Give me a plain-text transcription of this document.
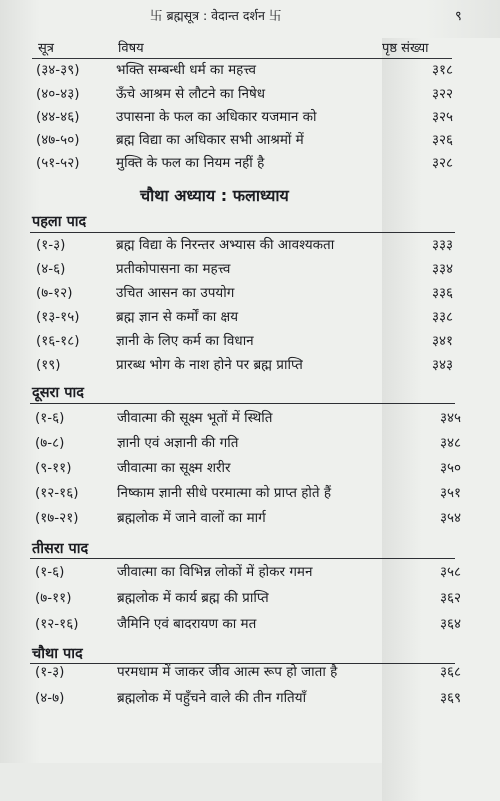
卐 ब्रह्मसूत्र : वेदान्त दर्शन 卐	९
सूत्र	विषय	पृष्ठ संख्या
(३४-३९)	भक्ति सम्बन्धी धर्म का महत्त्व	३१८
(४०-४३)	ऊँचे आश्रम से लौटने का निषेध	३२२
(४४-४६)	उपासना के फल का अधिकार यजमान को	३२५
(४७-५०)	ब्रह्म विद्या का अधिकार सभी आश्रमों में	३२६
(५१-५२)	मुक्ति के फल का नियम नहीं है	३२८
चौथा अध्याय : फलाध्याय
पहला पाद
(१-३)	ब्रह्म विद्या के निरन्तर अभ्यास की आवश्यकता	३३३
(४-६)	प्रतीकोपासना का महत्त्व	३३४
(७-१२)	उचित आसन का उपयोग	३३६
(१३-१५)	ब्रह्म ज्ञान से कर्मों का क्षय	३३८
(१६-१८)	ज्ञानी के लिए कर्म का विधान	३४१
(१९)	प्रारब्ध भोग के नाश होने पर ब्रह्म प्राप्ति	३४३
दूसरा पाद
(१-६)	जीवात्मा की सूक्ष्म भूतों में स्थिति	३४५
(७-८)	ज्ञानी एवं अज्ञानी की गति	३४८
(९-११)	जीवात्मा का सूक्ष्म शरीर	३५०
(१२-१६)	निष्काम ज्ञानी सीधे परमात्मा को प्राप्त होते हैं	३५१
(१७-२१)	ब्रह्मलोक में जाने वालों का मार्ग	३५४
तीसरा पाद
(१-६)	जीवात्मा का विभिन्न लोकों में होकर गमन	३५८
(७-११)	ब्रह्मलोक में कार्य ब्रह्म की प्राप्ति	३६२
(१२-१६)	जैमिनि एवं बादरायण का मत	३६४
चौथा पाद
(१-३)	परमधाम में जाकर जीव आत्म रूप हो जाता है	३६८
(४-७)	ब्रह्मलोक में पहुँचने वाले की तीन गतियाँ	३६९
